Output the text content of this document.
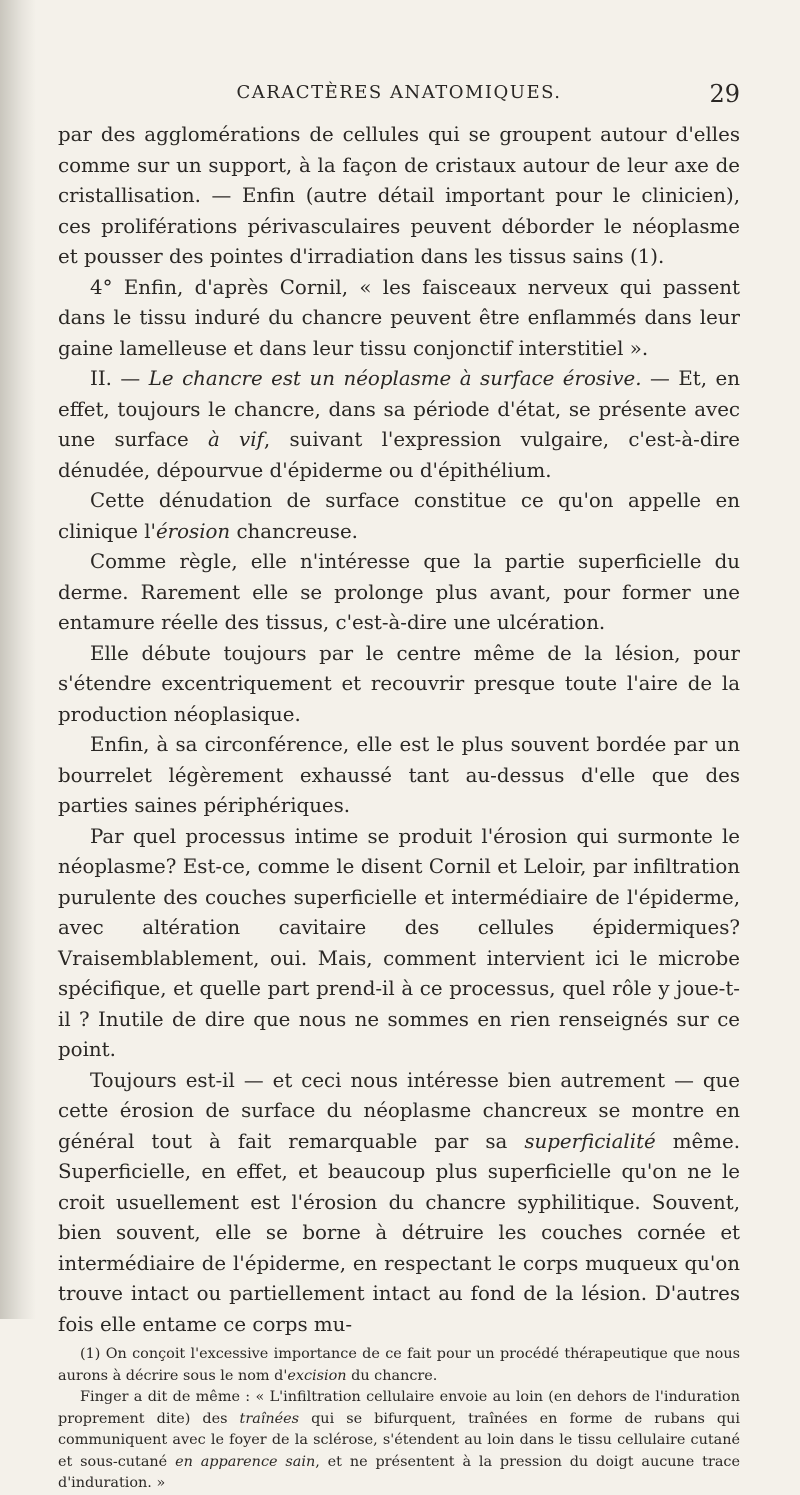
CARACTÈRES ANATOMIQUES.	29

par des agglomérations de cellules qui se groupent autour d'elles comme sur un support, à la façon de cristaux autour de leur axe de cristallisation. — Enfin (autre détail important pour le clinicien), ces proliférations périvasculaires peuvent déborder le néoplasme et pousser des pointes d'irradiation dans les tissus sains (1).

4° Enfin, d'après Cornil, « les faisceaux nerveux qui passent dans le tissu induré du chancre peuvent être enflammés dans leur gaine lamelleuse et dans leur tissu conjonctif interstitiel ».

II. — Le chancre est un néoplasme à surface érosive. — Et, en effet, toujours le chancre, dans sa période d'état, se présente avec une surface à vif, suivant l'expression vulgaire, c'est-à-dire dénudée, dépourvue d'épiderme ou d'épithélium.

Cette dénudation de surface constitue ce qu'on appelle en clinique l'érosion chancreuse.

Comme règle, elle n'intéresse que la partie superficielle du derme. Rarement elle se prolonge plus avant, pour former une entamure réelle des tissus, c'est-à-dire une ulcération.

Elle débute toujours par le centre même de la lésion, pour s'étendre excentriquement et recouvrir presque toute l'aire de la production néoplasique.

Enfin, à sa circonférence, elle est le plus souvent bordée par un bourrelet légèrement exhaussé tant au-dessus d'elle que des parties saines périphériques.

Par quel processus intime se produit l'érosion qui surmonte le néoplasme? Est-ce, comme le disent Cornil et Leloir, par infiltration purulente des couches superficielle et intermédiaire de l'épiderme, avec altération cavitaire des cellules épidermiques? Vraisemblablement, oui. Mais, comment intervient ici le microbe spécifique, et quelle part prend-il à ce processus, quel rôle y joue-t-il ? Inutile de dire que nous ne sommes en rien renseignés sur ce point.

Toujours est-il — et ceci nous intéresse bien autrement — que cette érosion de surface du néoplasme chancreux se montre en général tout à fait remarquable par sa superficialité même. Superficielle, en effet, et beaucoup plus superficielle qu'on ne le croit usuellement est l'érosion du chancre syphilitique. Souvent, bien souvent, elle se borne à détruire les couches cornée et intermédiaire de l'épiderme, en respectant le corps muqueux qu'on trouve intact ou partiellement intact au fond de la lésion. D'autres fois elle entame ce corps mu-

(1) On conçoit l'excessive importance de ce fait pour un procédé thérapeutique que nous aurons à décrire sous le nom d'excision du chancre.

Finger a dit de même : « L'infiltration cellulaire envoie au loin (en dehors de l'induration proprement dite) des traînées qui se bifurquent, traînées en forme de rubans qui communiquent avec le foyer de la sclérose, s'étendent au loin dans le tissu cellulaire cutané et sous-cutané en apparence sain, et ne présentent à la pression du doigt aucune trace d'induration. »
